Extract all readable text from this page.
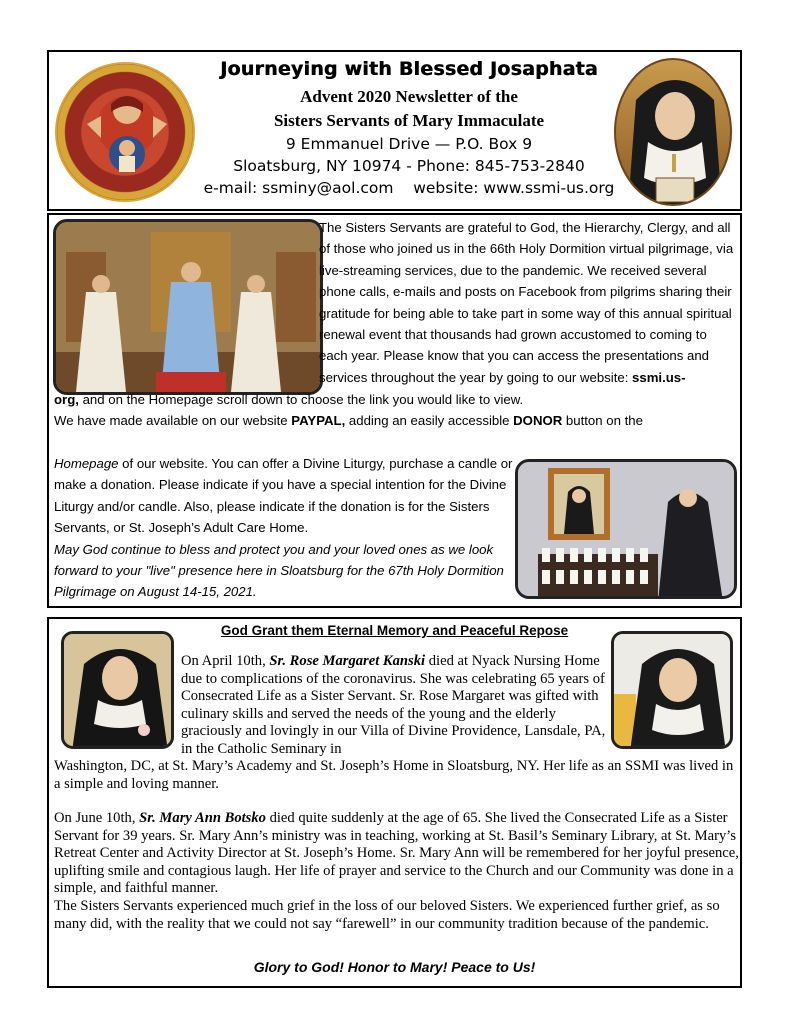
Journeying with Blessed Josaphata
Advent 2020 Newsletter of the
Sisters Servants of Mary Immaculate
9 Emmanuel Drive — P.O. Box 9
Sloatsburg, NY 10974 - Phone: 845-753-2840
e-mail: ssminy@aol.com website: www.ssmi-us.org
The Sisters Servants are grateful to God, the Hierarchy, Clergy, and all of those who joined us in the 66th Holy Dormition virtual pilgrimage, via live-streaming services, due to the pandemic. We received several phone calls, e-mails and posts on Facebook from pilgrims sharing their gratitude for being able to take part in some way of this annual spiritual renewal event that thousands had grown accustomed to coming to each year. Please know that you can access the presentations and services throughout the year by going to our website: ssmi.us-
org, and on the Homepage scroll down to choose the link you would like to view.
We have made available on our website PAYPAL, adding an easily accessible DONOR button on the
Homepage of our website. You can offer a Divine Liturgy, purchase a candle or make a donation. Please indicate if you have a special intention for the Divine Liturgy and/or candle. Also, please indicate if the donation is for the Sisters Servants, or St. Joseph’s Adult Care Home.
May God continue to bless and protect you and your loved ones as we look forward to your "live" presence here in Sloatsburg for the 67th Holy Dormition Pilgrimage on August 14-15, 2021.
God Grant them Eternal Memory and Peaceful Repose
On April 10th, Sr. Rose Margaret Kanski died at Nyack Nursing Home due to complications of the coronavirus. She was celebrating 65 years of Consecrated Life as a Sister Servant. Sr. Rose Margaret was gifted with culinary skills and served the needs of the young and the elderly graciously and lovingly in our Villa of Divine Providence, Lansdale, PA, in the Catholic Seminary in
Washington, DC, at St. Mary’s Academy and St. Joseph’s Home in Sloatsburg, NY. Her life as an SSMI was lived in a simple and loving manner.
On June 10th, Sr. Mary Ann Botsko died quite suddenly at the age of 65. She lived the Consecrated Life as a Sister Servant for 39 years. Sr. Mary Ann’s ministry was in teaching, working at St. Basil’s Seminary Library, at St. Mary’s Retreat Center and Activity Director at St. Joseph’s Home. Sr. Mary Ann will be remembered for her joyful presence, uplifting smile and contagious laugh. Her life of prayer and service to the Church and our Community was done in a simple, and faithful manner.
The Sisters Servants experienced much grief in the loss of our beloved Sisters. We experienced further grief, as so many did, with the reality that we could not say “farewell” in our community tradition because of the pandemic.
Glory to God! Honor to Mary! Peace to Us!
